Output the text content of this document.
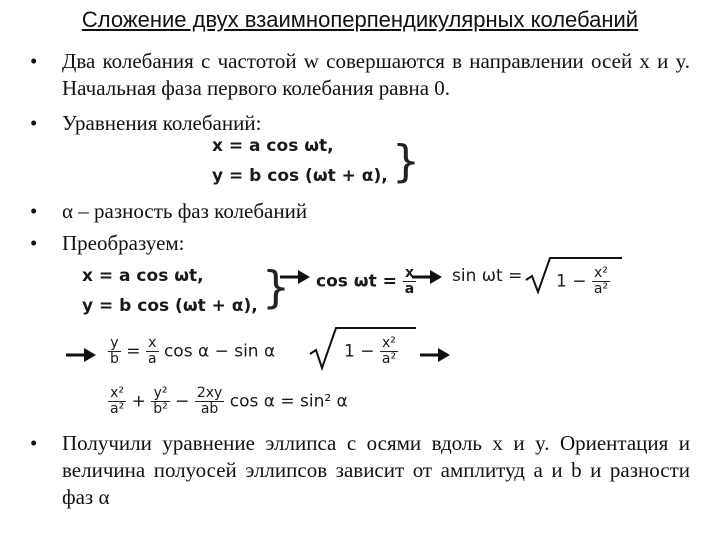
Сложение двух взаимноперпендикулярных колебаний
• Два колебания с частотой w совершаются в направлении осей x и y. Начальная фаза первого колебания равна 0.
• Уравнения колебаний:
x = a cos ωt,
y = b cos (ωt + α), }
• α – разность фаз колебаний
• Преобразуем:
x = a cos ωt,
y = b cos (ωt + α), } $\cos \omega t = \frac{x}{a}$ $\sin \omega t = 1 - \frac{\text{x²}}{\text{a²}}$
$\frac{y}{b} = \frac{x}{a}$ cos α − sin α	$1 - \frac{\text{x²}}{\text{a²}}$
$\frac{\text{x²}}{\text{a²}} + \frac{\text{y²}}{\text{b²}} - \frac{2xy}{ab}$ cos α = sin² α
• Получили уравнение эллипса с осями вдоль x и y. Ориентация и величина полуосей эллипсов зависит от амплитуд a и b и разности фаз α
